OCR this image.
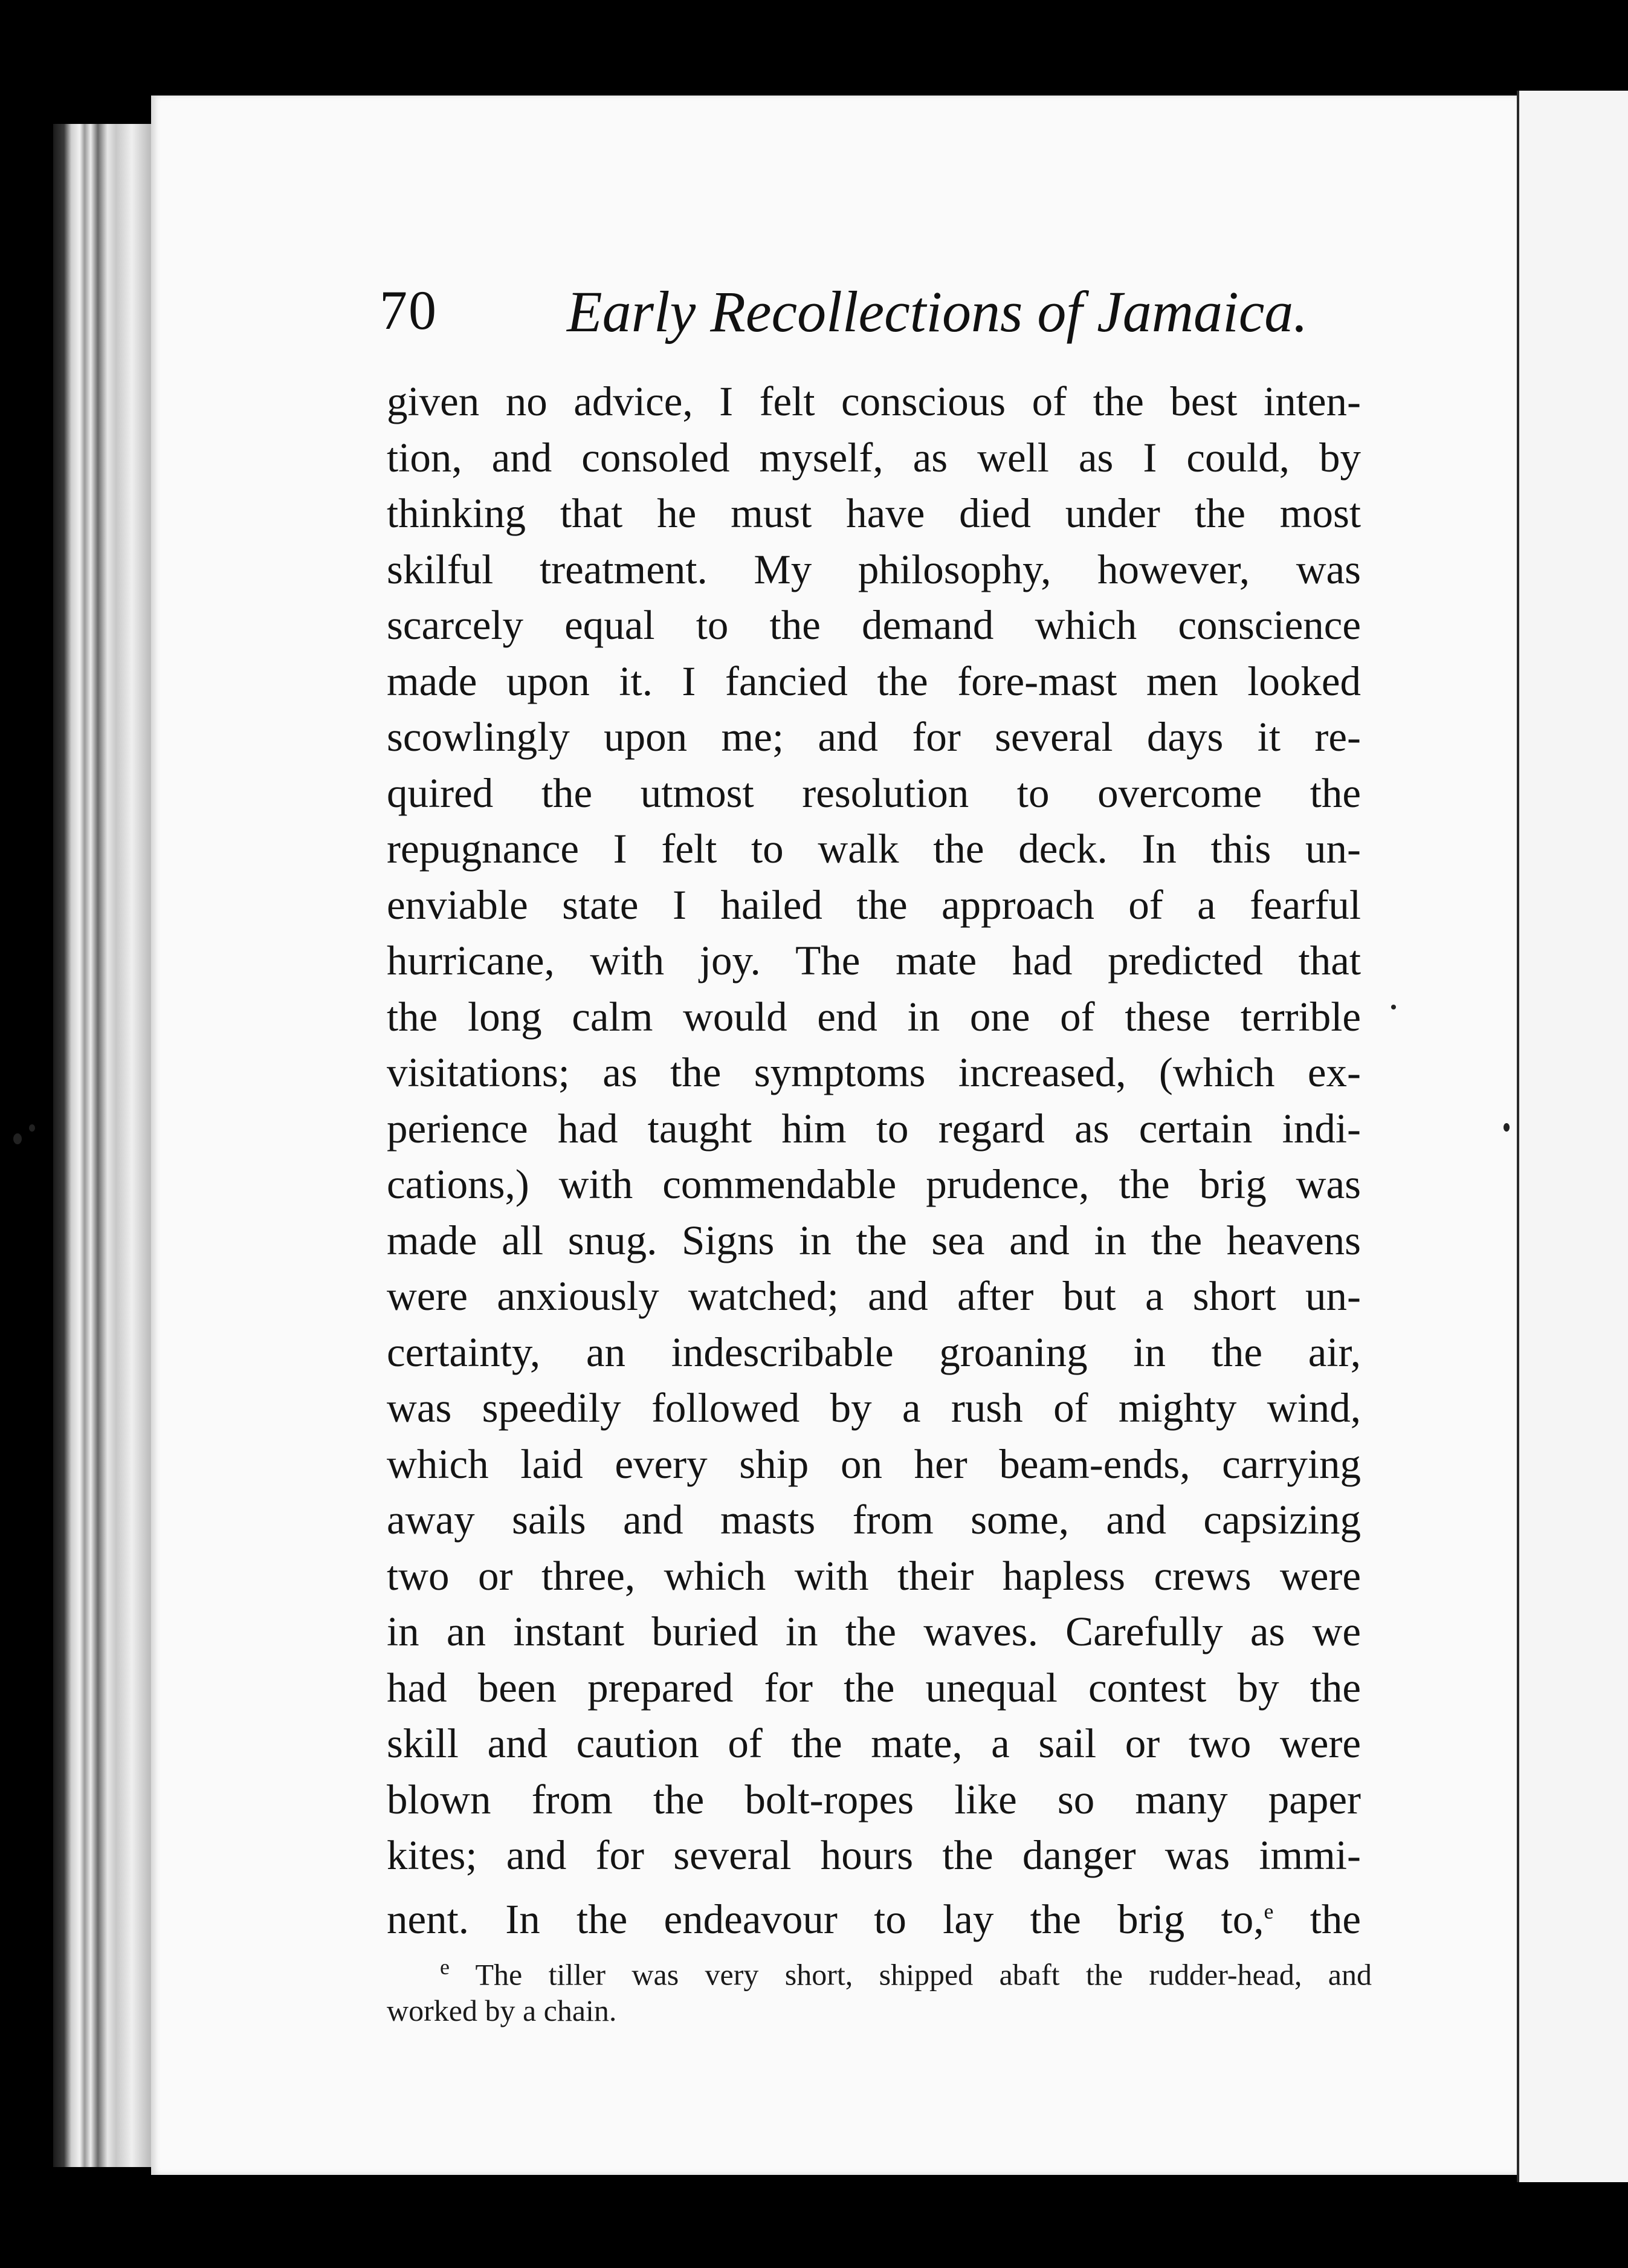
70 Early Recollections of Jamaica.
given no advice, I felt conscious of the best inten-
tion, and consoled myself, as well as I could, by
thinking that he must have died under the most
skilful treatment. My philosophy, however, was
scarcely equal to the demand which conscience
made upon it. I fancied the fore-mast men looked
scowlingly upon me; and for several days it re-
quired the utmost resolution to overcome the
repugnance I felt to walk the deck. In this un-
enviable state I hailed the approach of a fearful
hurricane, with joy. The mate had predicted that
the long calm would end in one of these terrible
visitations; as the symptoms increased, (which ex-
perience had taught him to regard as certain indi-
cations,) with commendable prudence, the brig was
made all snug. Signs in the sea and in the heavens
were anxiously watched; and after but a short un-
certainty, an indescribable groaning in the air,
was speedily followed by a rush of mighty wind,
which laid every ship on her beam-ends, carrying
away sails and masts from some, and capsizing
two or three, which with their hapless crews were
in an instant buried in the waves. Carefully as we
had been prepared for the unequal contest by the
skill and caution of the mate, a sail or two were
blown from the bolt-ropes like so many paper
kites; and for several hours the danger was immi-
nent. In the endeavour to lay the brig to,$^e$ the
$^e$ The tiller was very short, shipped abaft the rudder-head, and
worked by a chain.
